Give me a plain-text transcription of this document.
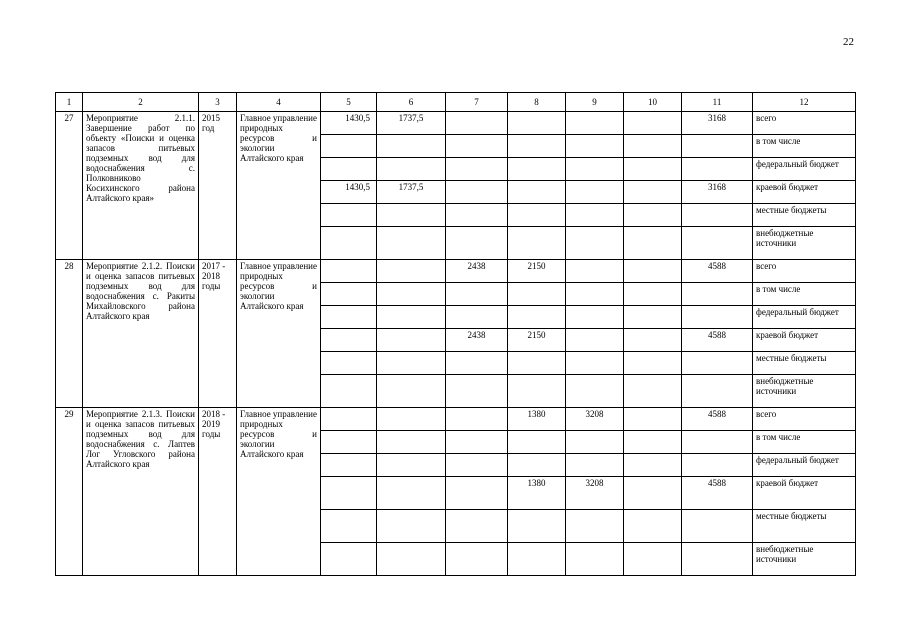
22
1	2	3	4	5	6	7	8	9	10	11	12
27	Мероприятие 2.1.1. Завершение работ по объекту «Поиски и оценка запасов питьевых подземных вод для водоснабжения с. Полковниково Косихинского района Алтайского края»	2015 год	Главное управление природных ресурсов и экологии Алтайского края	1430,5	1737,5					3168	всего
											в том числе
											федеральный бюджет
				1430,5	1737,5					3168	краевой бюджет
											местные бюджеты
											внебюджетные источники
28	Мероприятие 2.1.2. Поиски и оценка запасов питьевых подземных вод для водоснабжения с. Ракиты Михайловского района Алтайского края	2017 - 2018 годы	Главное управление природных ресурсов и экологии Алтайского края			2438	2150			4588	всего
											в том числе
											федеральный бюджет
						2438	2150			4588	краевой бюджет
											местные бюджеты
											внебюджетные источники
29	Мероприятие 2.1.3. Поиски и оценка запасов питьевых подземных вод для водоснабжения с. Лаптев Лог Угловского района Алтайского края	2018 - 2019 годы	Главное управление природных ресурсов и экологии Алтайского края				1380	3208		4588	всего
											в том числе
											федеральный бюджет
							1380	3208		4588	краевой бюджет
											местные бюджеты
											внебюджетные источники
